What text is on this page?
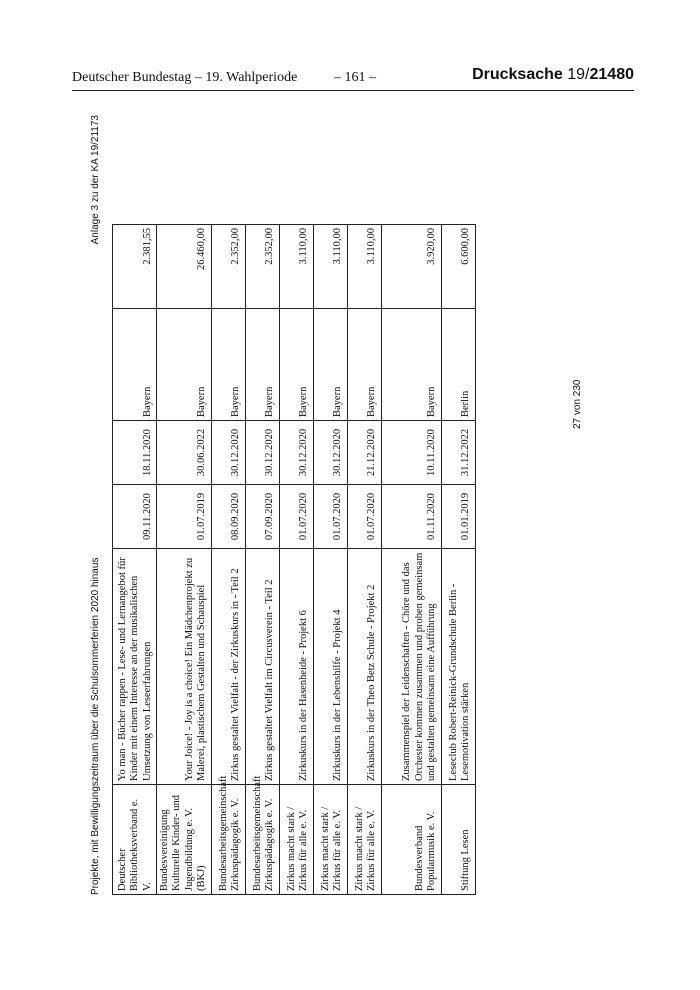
Deutscher Bundestag – 19. Wahlperiode	– 161 –	Drucksache 19/21480
Projekte, mit Bewilligungszeitraum über die Schulsommerferien 2020 hinaus
Anlage 3 zu der KA 19/21173
Deutscher Bibliotheksverband e. V.	Yo man - Bücher rappen - Lese- und Lernangebot für Kinder mit einem Interesse an der musikalischen Umsetzung von Leseerfahrungen	09.11.2020	18.11.2020	Bayern	2.381,55
Bundesvereinigung Kulturelle Kinder- und Jugendbildung e. V. (BKJ)	Your Joice! - Joy is a choice! Ein Mädchenprojekt zu Malerei, plastischem Gestalten und Schauspiel	01.07.2019	30.06.2022	Bayern	26.460,00
Bundesarbeitsgemeinschaft Zirkuspädagogik e. V.	Zirkus gestaltet Vielfalt - der Zirkuskurs in - Teil 2	08.09.2020	30.12.2020	Bayern	2.352,00
Bundesarbeitsgemeinschaft Zirkuspädagogik e. V.	Zirkus gestaltet Vielfalt im Circusverein - Teil 2	07.09.2020	30.12.2020	Bayern	2.352,00
Zirkus macht stark / Zirkus für alle e. V.	Zirkuskurs in der Hasenheide - Projekt 6	01.07.2020	30.12.2020	Bayern	3.110,00
Zirkus macht stark / Zirkus für alle e. V.	Zirkuskurs in der Lebenshilfe - Projekt 4	01.07.2020	30.12.2020	Bayern	3.110,00
Zirkus macht stark / Zirkus für alle e. V.	Zirkuskurs in der Theo Betz Schule - Projekt 2	01.07.2020	21.12.2020	Bayern	3.110,00
Bundesverband Popularmusik e. V.	Zusammenspiel der Leidenschaften - Chöre und das Orchester kommen zusammen und proben gemeinsam und gestalten gemeinsam eine Aufführung	01.11.2020	10.11.2020	Bayern	3.920,00
Stiftung Lesen	Leseclub Robert-Reinick-Grundschule Berlin - Lesemotivation stärken	01.01.2019	31.12.2022	Berlin	6.600,00
27 von 230
